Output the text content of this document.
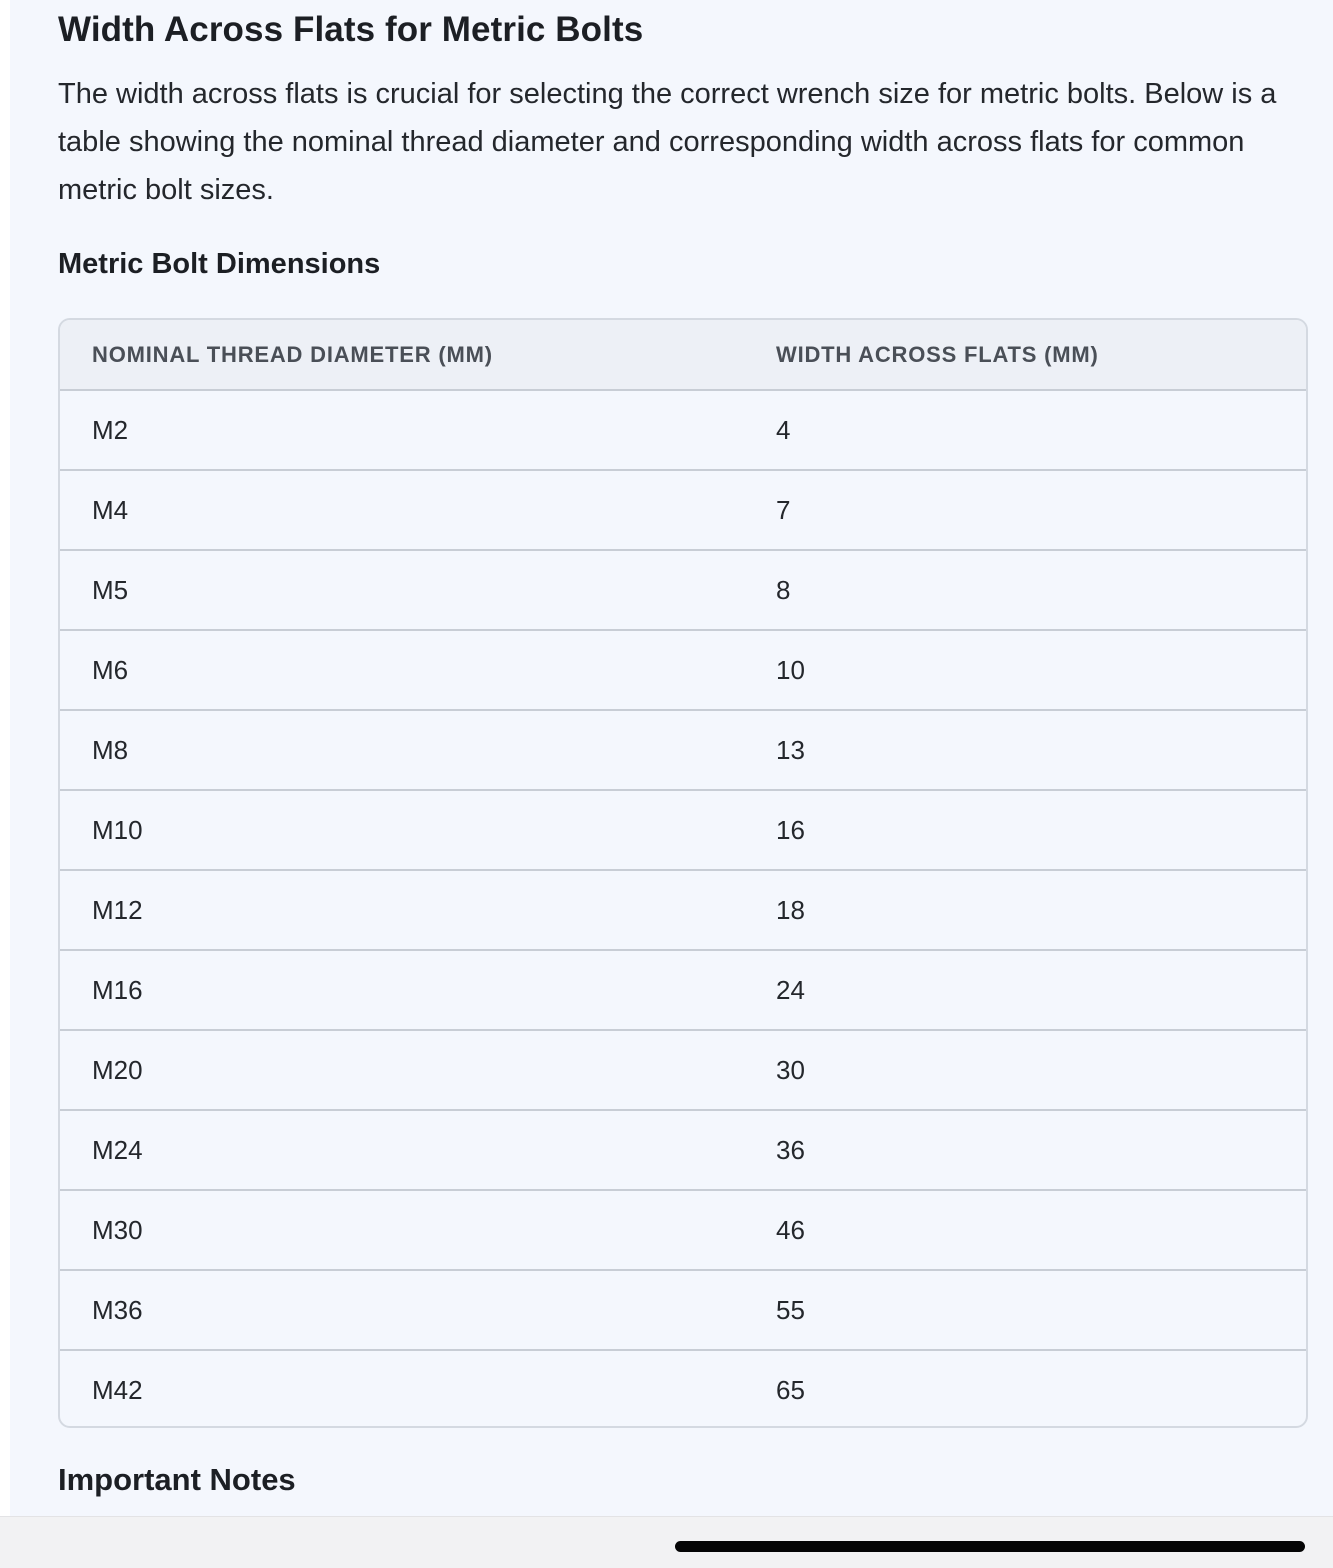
Width Across Flats for Metric Bolts

The width across flats is crucial for selecting the correct wrench size for metric bolts. Below is a table showing the nominal thread diameter and corresponding width across flats for common metric bolt sizes.

Metric Bolt Dimensions
NOMINAL THREAD DIAMETER (MM)	WIDTH ACROSS FLATS (MM)
M2	4
M4	7
M5	8
M6	10
M8	13
M10	16
M12	18
M16	24
M20	30
M24	36
M30	46
M36	55
M42	65
Important Notes
